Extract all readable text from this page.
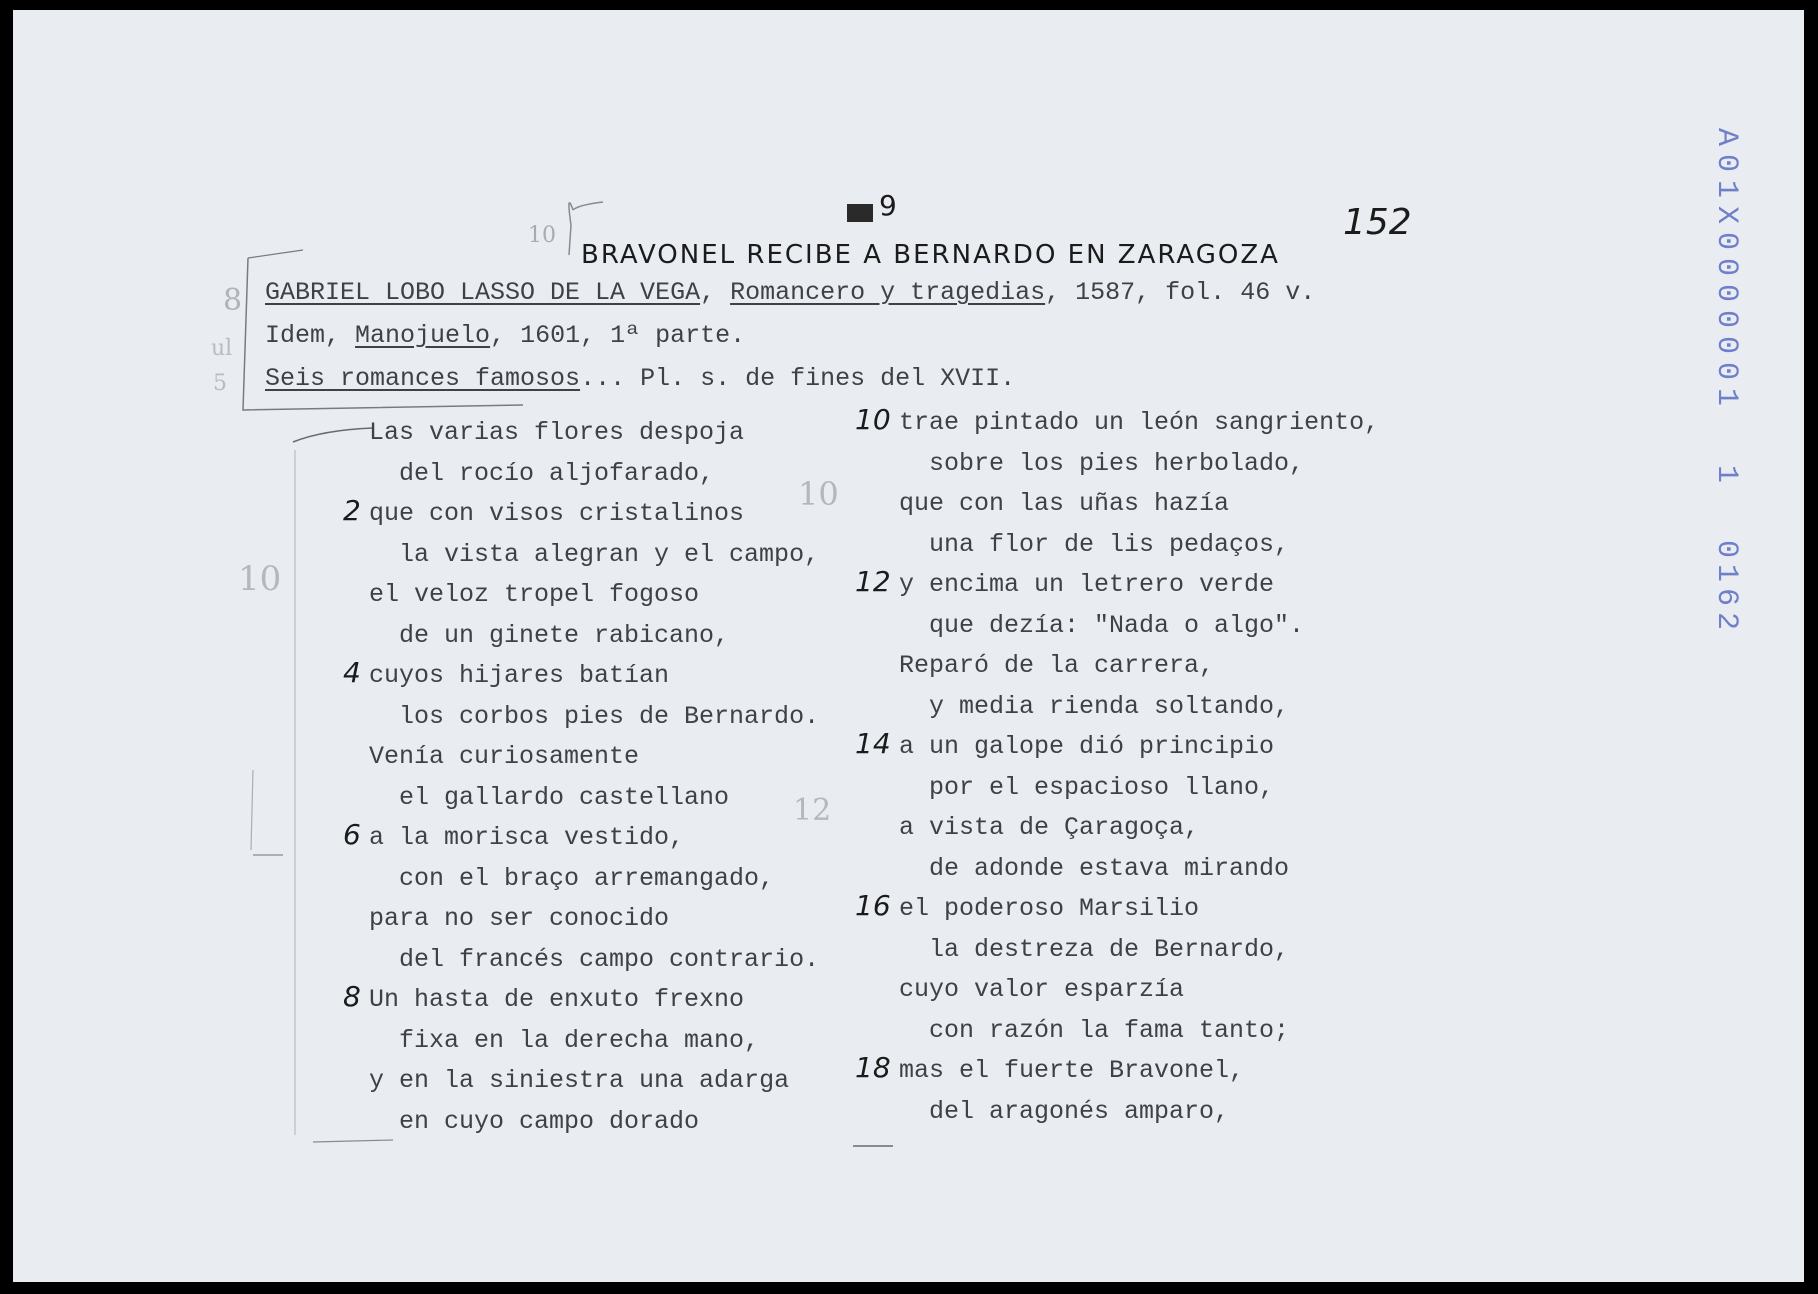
8
ul
5
10
10
10
12
9	152
BRAVONEL RECIBE A BERNARDO EN ZARAGOZA
GABRIEL LOBO LASSO DE LA VEGA, Romancero y tragedias, 1587, fol. 46 v.
Idem, Manojuelo, 1601, 1ª parte.
Seis romances famosos... Pl. s. de fines del XVII.
Las varias flores despoja
del rocío aljofarado,
2 que con visos cristalinos
la vista alegran y el campo,
el veloz tropel fogoso
de un ginete rabicano,
4 cuyos hijares batían
los corbos pies de Bernardo.
Venía curiosamente
el gallardo castellano
6 a la morisca vestido,
con el braço arremangado,
para no ser conocido
del francés campo contrario.
8 Un hasta de enxuto frexno
fixa en la derecha mano,
y en la siniestra una adarga
en cuyo campo dorado
10 trae pintado un león sangriento,
sobre los pies herbolado,
que con las uñas hazía
una flor de lis pedaços,
12 y encima un letrero verde
que dezía: "Nada o algo".
Reparó de la carrera,
y media rienda soltando,
14 a un galope dió principio
por el espacioso llano,
a vista de Çaragoça,
de adonde estava mirando
16 el poderoso Marsilio
la destreza de Bernardo,
cuyo valor esparzía
con razón la fama tanto;
18 mas el fuerte Bravonel,
del aragonés amparo,
A01X0000001
1
0162
